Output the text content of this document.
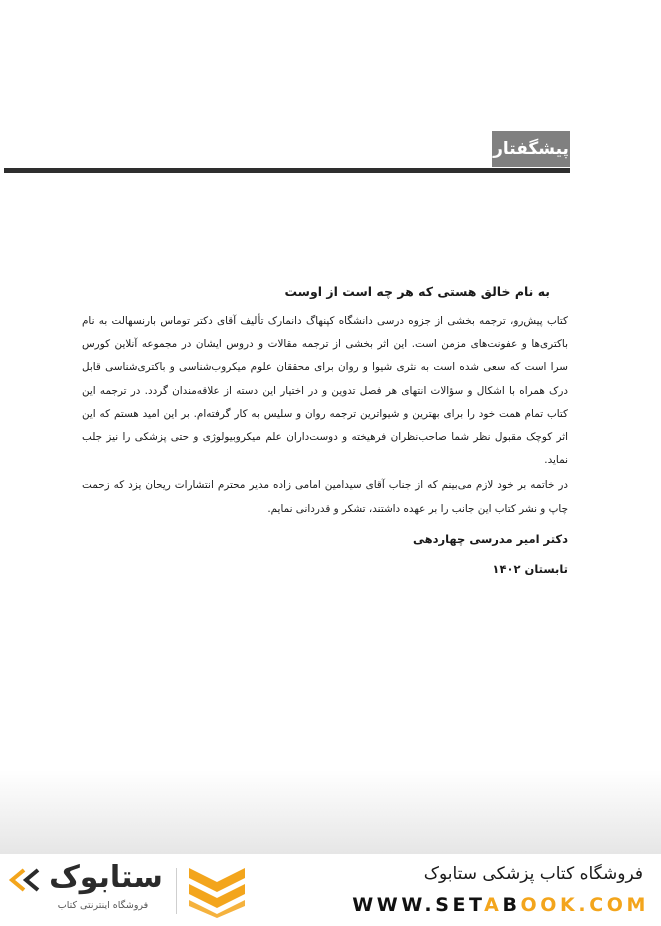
پیشگفتار

به نام خالق هستی که هر چه است از اوست

کتاب پیش‌رو، ترجمه بخشی از جزوه درسی دانشگاه کپنهاگ دانمارک تألیف آقای دکتر توماس بارنسهالت به نام باکتری‌ها و عفونت‌های مزمن است. این اثر بخشی از ترجمه مقالات و دروس ایشان در مجموعه آنلاین کورس سرا است که سعی شده است به نثری شیوا و روان برای محققان علوم میکروب‌شناسی و باکتری‌شناسی قابل درک همراه با اشکال و سؤالات انتهای هر فصل تدوین و در اختیار این دسته از علاقه‌مندان گردد. در ترجمه این کتاب تمام همت خود را برای بهترین و شیواترین ترجمه روان و سلیس به کار گرفته‌ام. بر این امید هستم که این اثر کوچک مقبول نظر شما صاحب‌نظران فرهیخته و دوست‌داران علم میکروبیولوژی و حتی پزشکی را نیز جلب نماید.

در خاتمه بر خود لازم می‌بینم که از جناب آقای سید‌امین امامی زاده مدیر محترم انتشارات ریحان یزد که زحمت چاپ و نشر کتاب این جانب را بر عهده داشتند، تشکر و قدردانی نمایم.

دکتر امیر مدرسی چهاردهی

تابستان ۱۴۰۲

فروشگاه کتاب پزشکی ستابوک
WWW.SETABOOK.COM
ستابوک
فروشگاه اینترنتی کتاب
